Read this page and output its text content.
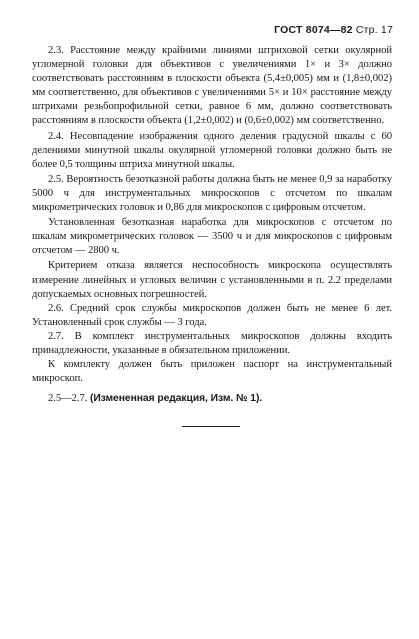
ГОСТ 8074—82 Стр. 17

2.3. Расстояние между крайними линиями штриховой сетки окулярной угломерной головки для объективов с увеличениями 1× и 3× должно соответствовать расстояниям в плоскости объекта (5,4±0,005) мм и (1,8±0,002) мм соответственно, для объективов с увеличениями 5× и 10× расстояние между штрихами резьбопрофильной сетки, равное 6 мм, должно соответствовать расстояниям в плоскости объекта (1,2±0,002) и (0,6±0,002) мм соответственно.

2.4. Несовпадение изображения одного деления градусной шкалы с 60 делениями минутной шкалы окулярной угломерной головки должно быть не более 0,5 толщины штриха минутной шкалы.

2.5. Вероятность безотказной работы должна быть не менее 0,9 за наработку 5000 ч для инструментальных микроскопов с отсчетом по шкалам микрометрических головок и 0,86 для микроскопов с цифровым отсчетом.

Установленная безотказная наработка для микроскопов с отсчетом по шкалам микрометрических головок — 3500 ч и для микроскопов с цифровым отсчетом — 2800 ч.

Критерием отказа является неспособность микроскопа осуществлять измерение линейных и угловых величин с установленными в п. 2.2 пределами допускаемых основных погрешностей.

2.6. Средний срок службы микроскопов должен быть не менее 6 лет. Установленный срок службы — 3 года.

2.7. В комплект инструментальных микроскопов должны входить принадлежности, указанные в обязательном приложении.

К комплекту должен быть приложен паспорт на инструментальный микроскоп.

2.5—2.7. (Измененная редакция, Изм. № 1).
